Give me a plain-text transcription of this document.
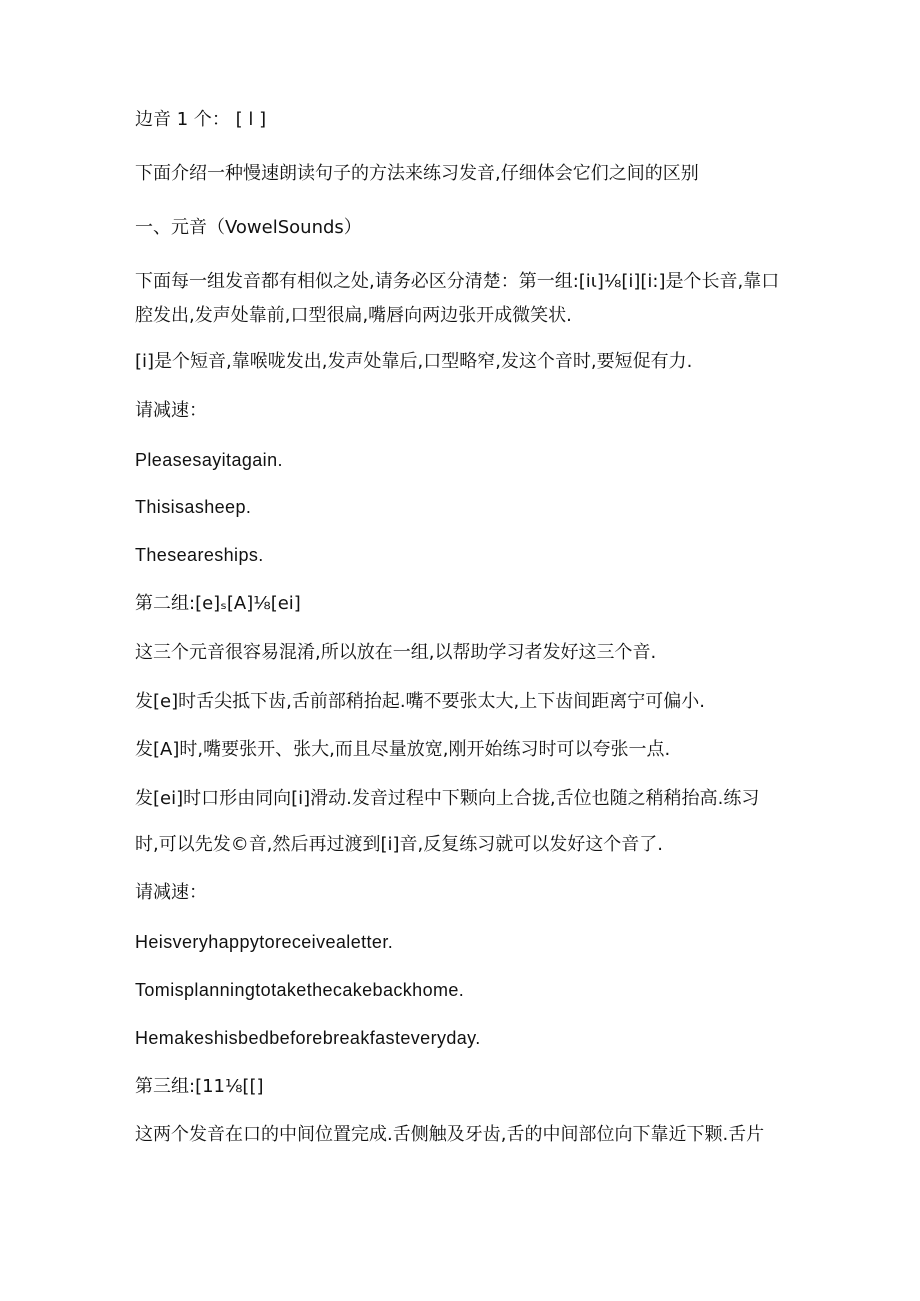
边音 1 个： [ l ]
下面介绍一种慢速朗读句子的方法来练习发音,仔细体会它们之间的区别
一、元音（VowelSounds）
下面每一组发音都有相似之处,请务必区分清楚：第一组:[iι]⅛[i][i:]是个长音,靠口
腔发出,发声处靠前,口型很扁,嘴唇向两边张开成微笑状.
[i]是个短音,靠喉咙发出,发声处靠后,口型略窄,发这个音时,要短促有力.
请减速：
Pleasesayitagain.
Thisisasheep.
Theseareships.
第二组:[e]ₛ[A]⅛[ei]
这三个元音很容易混淆,所以放在一组,以帮助学习者发好这三个音.
发[e]时舌尖抵下齿,舌前部稍抬起.嘴不要张太大,上下齿间距离宁可偏小.
发[A]时,嘴要张开、张大,而且尽量放宽,刚开始练习时可以夸张一点.
发[ei]时口形由同向[i]滑动.发音过程中下颗向上合拢,舌位也随之稍稍抬高.练习
时,可以先发©音,然后再过渡到[i]音,反复练习就可以发好这个音了.
请减速：
Heisveryhappytoreceivealetter.
Tomisplanningtotakethecakebackhome.
Hemakeshisbedbeforebreakfasteveryday.
第三组:[11⅛[[]
这两个发音在口的中间位置完成.舌侧触及牙齿,舌的中间部位向下靠近下颗.舌片
